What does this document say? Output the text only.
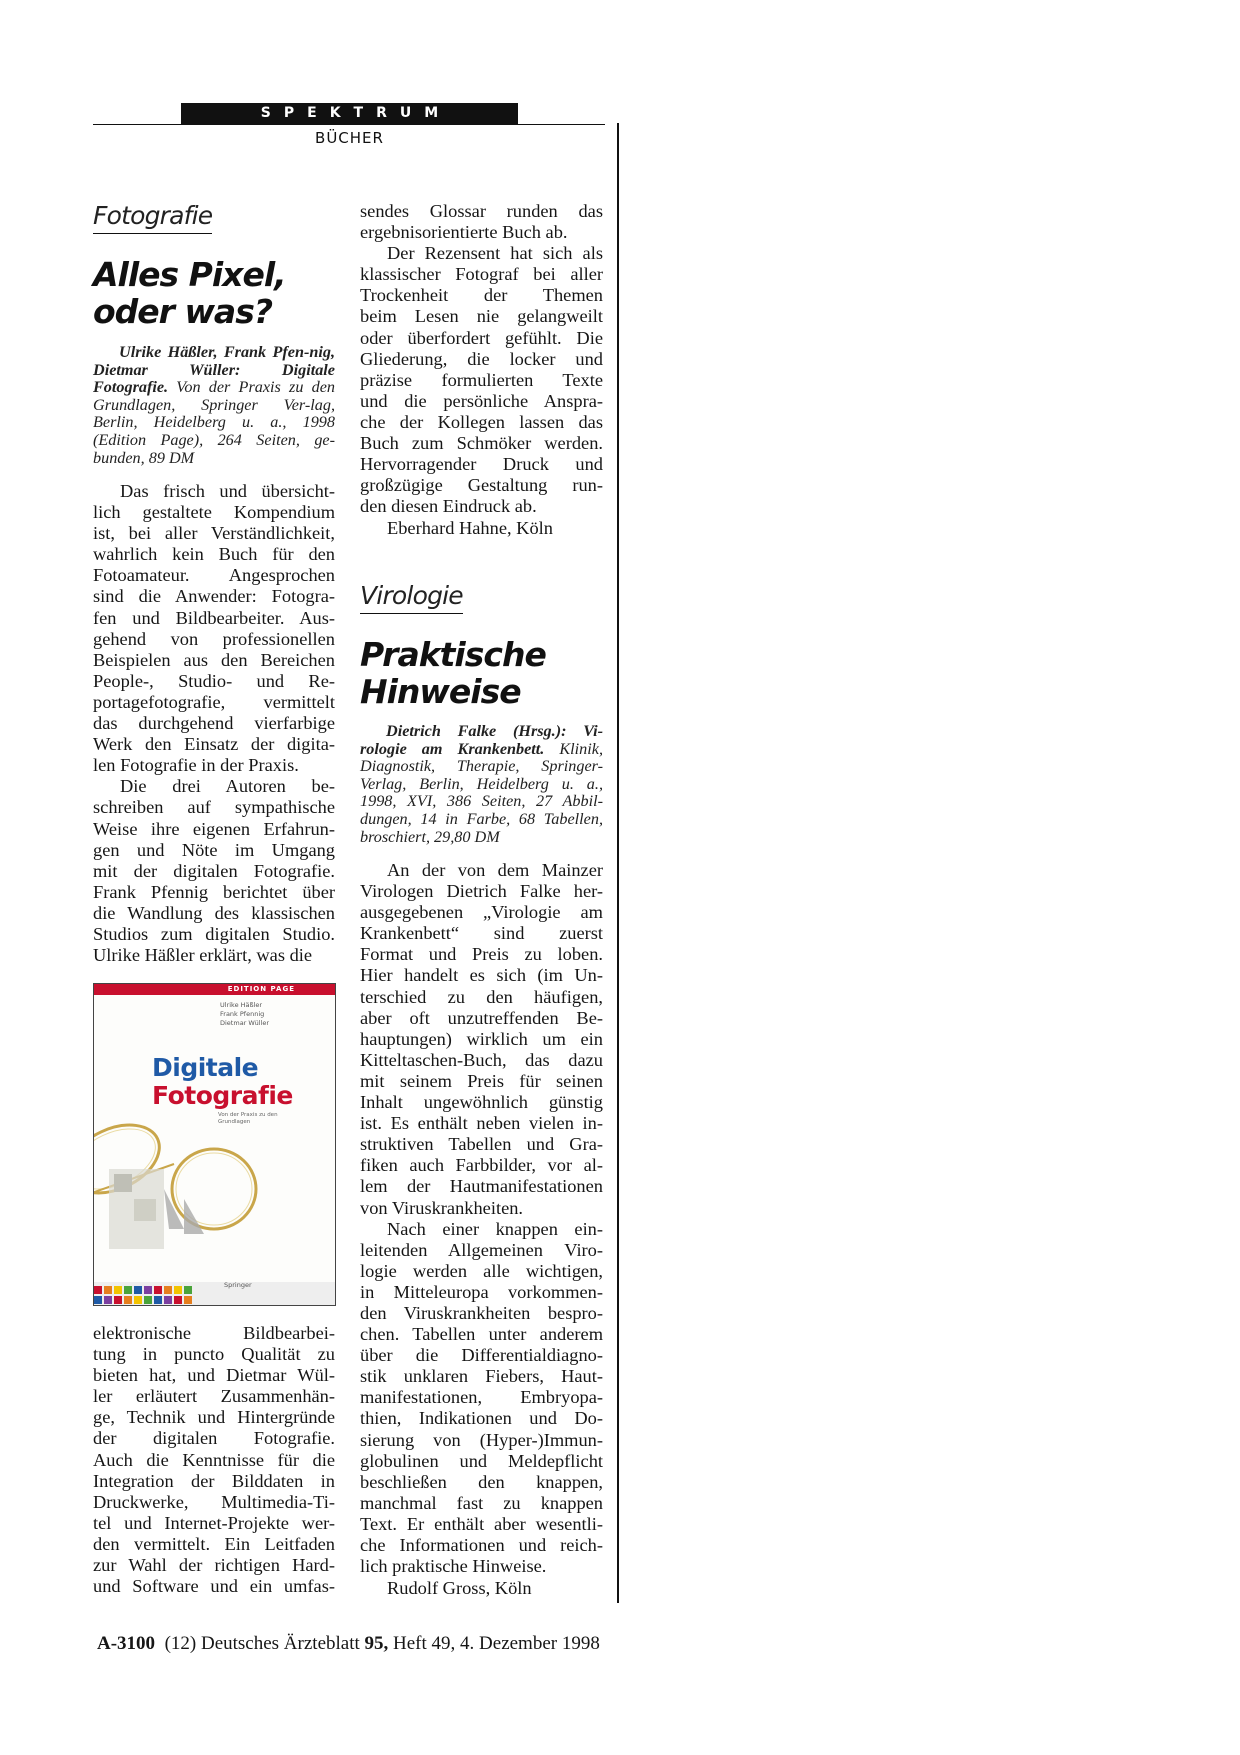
SPEKTRUM
BÜCHER
Fotografie
Alles Pixel,
oder was?
Ulrike Häßler, Frank Pfen-nig, Dietmar Wüller: Digitale Fotografie. Von der Praxis zu den Grundlagen, Springer Ver-lag, Berlin, Heidelberg u. a., 1998 (Edition Page), 264 Seiten, ge-bunden, 89 DM
Das frisch und übersicht-
lich gestaltete Kompendium
ist, bei aller Verständlichkeit,
wahrlich kein Buch für den
Fotoamateur. Angesprochen
sind die Anwender: Fotogra-
fen und Bildbearbeiter. Aus-
gehend von professionellen
Beispielen aus den Bereichen
People-, Studio- und Re-
portagefotografie, vermittelt
das durchgehend vierfarbige
Werk den Einsatz der digita-
len Fotografie in der Praxis.
Die drei Autoren be-
schreiben auf sympathische
Weise ihre eigenen Erfahrun-
gen und Nöte im Umgang
mit der digitalen Fotografie.
Frank Pfennig berichtet über
die Wandlung des klassischen
Studios zum digitalen Studio.
Ulrike Häßler erklärt, was die
EDITION PAGE
Ulrike Häßler
Frank Pfennig
Dietmar Wüller
Digitale
Fotografie
Von der Praxis zu den Grundlagen
Springer
elektronische Bildbearbei-
tung in puncto Qualität zu
bieten hat, und Dietmar Wül-
ler erläutert Zusammenhän-
ge, Technik und Hintergründe
der digitalen Fotografie.
Auch die Kenntnisse für die
Integration der Bilddaten in
Druckwerke, Multimedia-Ti-
tel und Internet-Projekte wer-
den vermittelt. Ein Leitfaden
zur Wahl der richtigen Hard-
und Software und ein umfas-
sendes Glossar runden das
ergebnisorientierte Buch ab.
Der Rezensent hat sich als
klassischer Fotograf bei aller
Trockenheit der Themen
beim Lesen nie gelangweilt
oder überfordert gefühlt. Die
Gliederung, die locker und
präzise formulierten Texte
und die persönliche Anspra-
che der Kollegen lassen das
Buch zum Schmöker werden.
Hervorragender Druck und
großzügige Gestaltung run-
den diesen Eindruck ab.
Eberhard Hahne, Köln
Virologie
Praktische
Hinweise
Dietrich Falke (Hrsg.): Vi-rologie am Krankenbett. Klinik, Diagnostik, Therapie, Springer-Verlag, Berlin, Heidelberg u. a., 1998, XVI, 386 Seiten, 27 Abbil-dungen, 14 in Farbe, 68 Tabellen, broschiert, 29,80 DM
An der von dem Mainzer
Virologen Dietrich Falke her-
ausgegebenen „Virologie am
Krankenbett“ sind zuerst
Format und Preis zu loben.
Hier handelt es sich (im Un-
terschied zu den häufigen,
aber oft unzutreffenden Be-
hauptungen) wirklich um ein
Kitteltaschen-Buch, das dazu
mit seinem Preis für seinen
Inhalt ungewöhnlich günstig
ist. Es enthält neben vielen in-
struktiven Tabellen und Gra-
fiken auch Farbbilder, vor al-
lem der Hautmanifestationen
von Viruskrankheiten.
Nach einer knappen ein-
leitenden Allgemeinen Viro-
logie werden alle wichtigen,
in Mitteleuropa vorkommen-
den Viruskrankheiten bespro-
chen. Tabellen unter anderem
über die Differentialdiagno-
stik unklaren Fiebers, Haut-
manifestationen, Embryopa-
thien, Indikationen und Do-
sierung von (Hyper-)Immun-
globulinen und Meldepflicht
beschließen den knappen,
manchmal fast zu knappen
Text. Er enthält aber wesentli-
che Informationen und reich-
lich praktische Hinweise.
Rudolf Gross, Köln
A-3100 (12) Deutsches Ärzteblatt 95, Heft 49, 4. Dezember 1998
